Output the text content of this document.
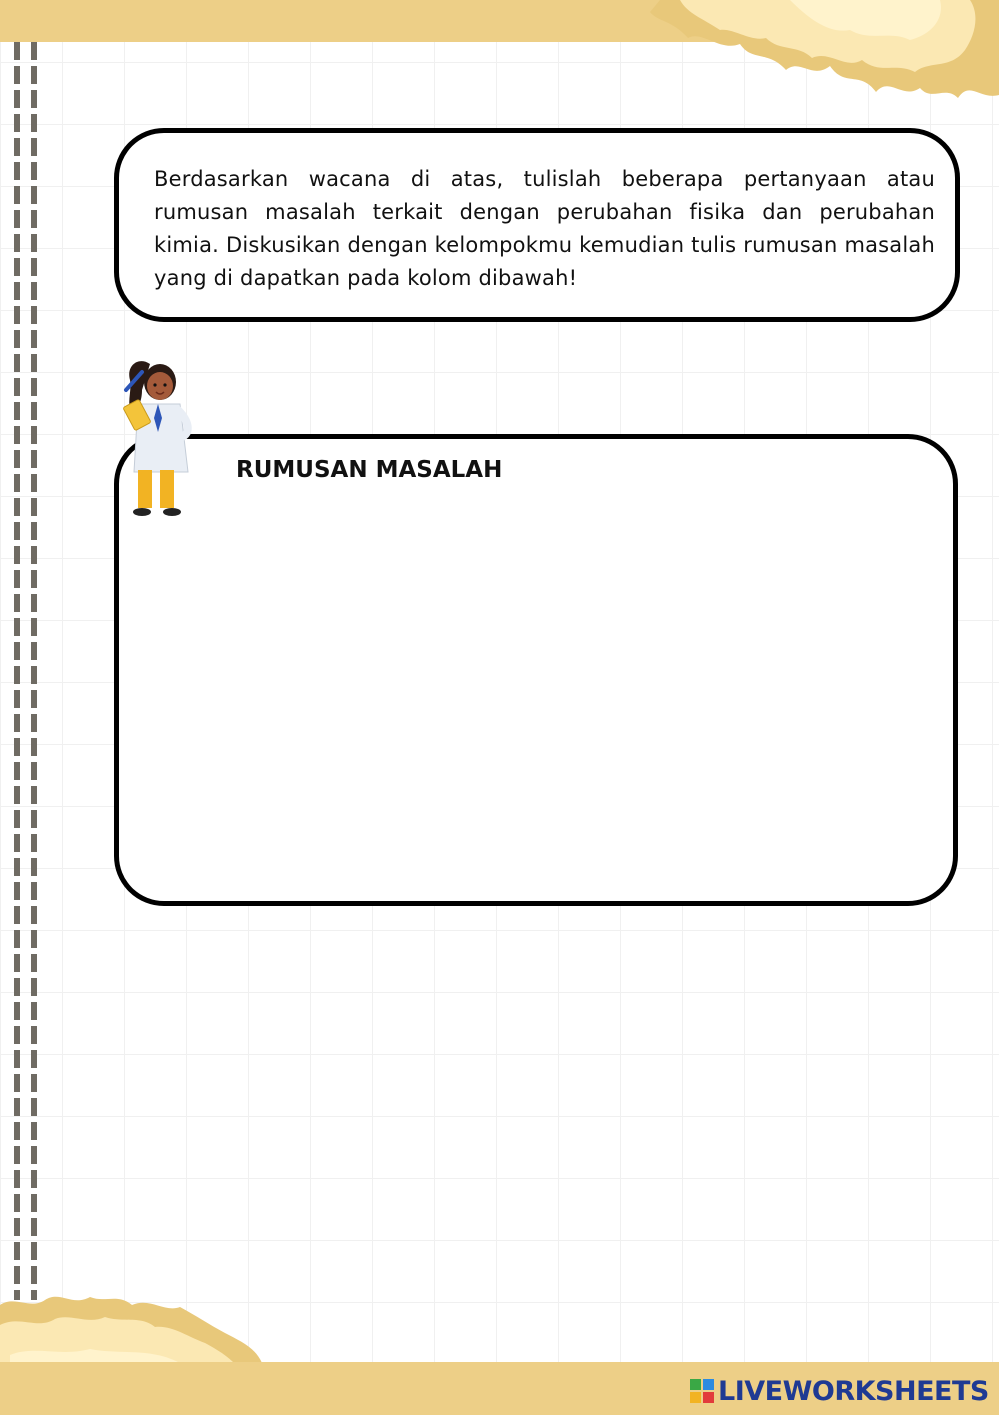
Berdasarkan wacana di atas, tulislah beberapa pertanyaan atau rumusan masalah terkait dengan perubahan fisika dan perubahan kimia. Diskusikan dengan kelompokmu kemudian tulis rumusan masalah yang di dapatkan pada kolom dibawah!

RUMUSAN MASALAH
LIVEWORKSHEETS
